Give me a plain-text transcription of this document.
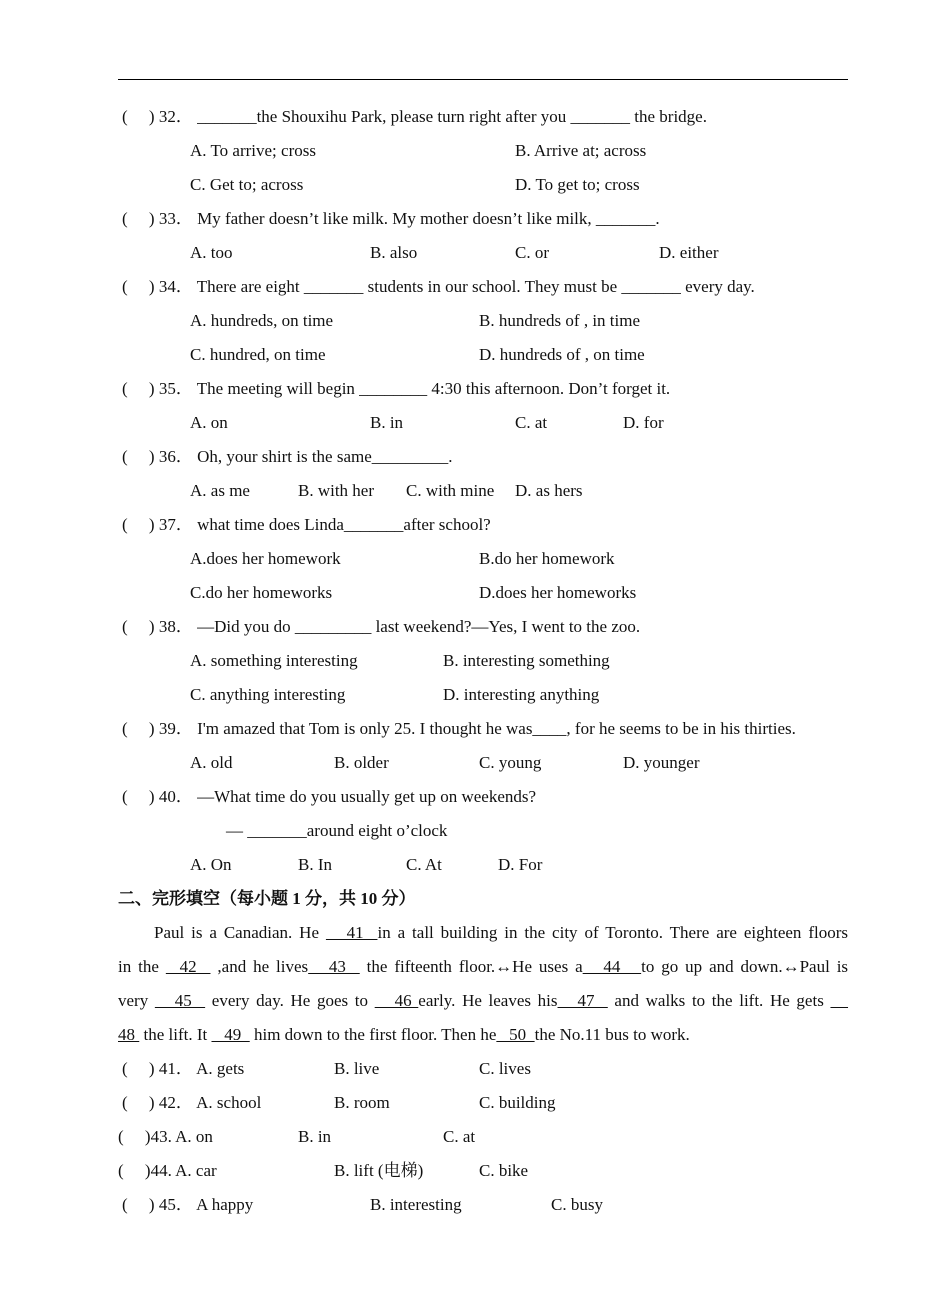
(　 ) 32． _______the Shouxihu Park, please turn right after you _______ the bridge.
A. To arrive; cross	B. Arrive at; across
C. Get to; across	D. To get to; cross
(　 ) 33． My father doesn’t like milk. My mother doesn’t like milk, _______.
A. too	B. also	C. or	D. either
(　 ) 34． There are eight _______ students in our school. They must be _______ every day.
A. hundreds, on time	B. hundreds of , in time
C. hundred, on time	D. hundreds of , on time
(　 ) 35． The meeting will begin ________ 4:30 this afternoon. Don’t forget it.
A. on	B. in	C. at	D. for
(　 ) 36． Oh, your shirt is the same_________.
A. as me	B. with her C. with mine D. as hers
(　 ) 37． what time does Linda_______after school?
A.does her homework	B.do her homework
C.do her homeworks	D.does her homeworks
(　 ) 38． —Did you do _________ last weekend?—Yes, I went to the zoo.
A. something interesting	B. interesting something
C. anything interesting	D. interesting anything
(　 ) 39． I'm amazed that Tom is only 25. I thought he was____, for he seems to be in his thirties.
A. old	B. older	C. young	D. younger
(　 ) 40． —What time do you usually get up on weekends?
— _______around eight o’clock
A. On	B. In	C. At	D. For
二、完形填空（每小题 1 分，共 10 分）
Paul is a Canadian. He    41  in a tall building in the city of Toronto. There are eighteen floors
in the   42   ,and he lives   43   the fifteenth floor.↔He uses a   44   to go up and down.↔Paul is
very    45   every day. He goes to    46 early. He leaves his   47   and walks to the lift. He gets
48  the lift. It    49   him down to the first floor. Then he   50  the No.11 bus to work.
(　 ) 41． A. gets	B. live	C. lives
(　 ) 42． A. school	B. room	C. building
(　 )43. A. on	B. in	C. at
(　 )44. A. car	B. lift (电梯)	C. bike
(　 ) 45． A happy	B. interesting	C. busy
